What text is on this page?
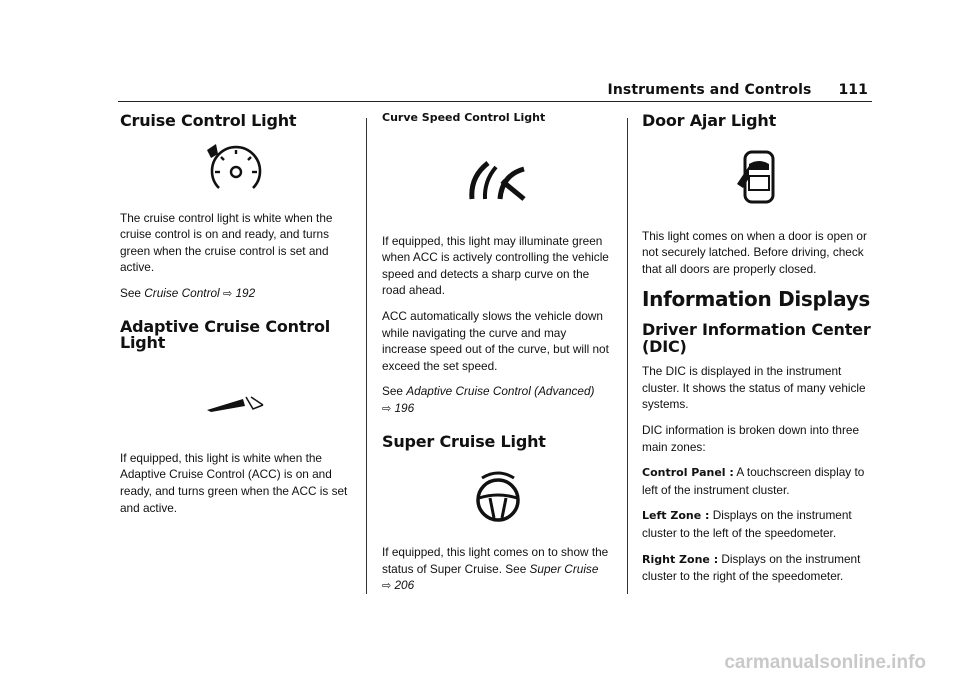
Instruments and Controls 111
Cruise Control Light

The cruise control light is white when the cruise control is on and ready, and turns green when the cruise control is set and active.

See Cruise Control ⇨ 192

Adaptive Cruise Control Light

If equipped, this light is white when the Adaptive Cruise Control (ACC) is on and ready, and turns green when the ACC is set and active.

Curve Speed Control Light

If equipped, this light may illuminate green when ACC is actively controlling the vehicle speed and detects a sharp curve on the road ahead.

ACC automatically slows the vehicle down while navigating the curve and may increase speed out of the curve, but will not exceed the set speed.

See Adaptive Cruise Control (Advanced)
⇨ 196

Super Cruise Light

If equipped, this light comes on to show the status of Super Cruise. See Super Cruise
⇨ 206

Door Ajar Light

This light comes on when a door is open or not securely latched. Before driving, check that all doors are properly closed.

Information Displays
Driver Information Center (DIC)

The DIC is displayed in the instrument cluster. It shows the status of many vehicle systems.

DIC information is broken down into three main zones:

Control Panel : A touchscreen display to left of the instrument cluster.

Left Zone : Displays on the instrument cluster to the left of the speedometer.

Right Zone : Displays on the instrument cluster to the right of the speedometer.

carmanualsonline.info
